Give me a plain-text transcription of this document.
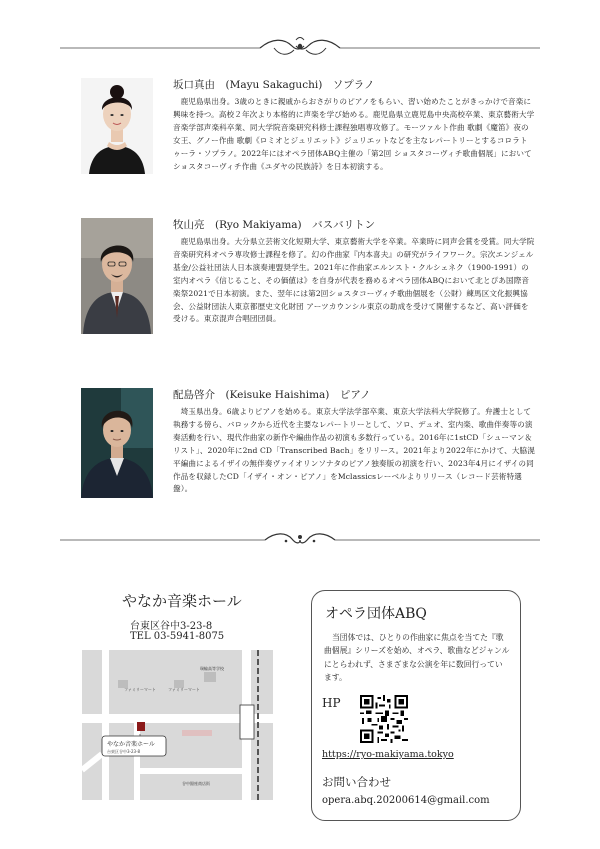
坂口真由　(Mayu Sakaguchi)　ソプラノ

鹿児島県出身。3歳のときに親戚からおさがりのピアノをもらい、習い始めたことがきっかけで音楽に興味を持つ。高校２年次より本格的に声楽を学び始める。鹿児島県立鹿児島中央高校卒業、東京藝術大学音楽学部声楽科卒業、同大学院音楽研究科修士課程独唱専攻修了。モーツァルト作曲 歌劇《魔笛》夜の女王、グノー作曲 歌劇《ロミオとジュリエット》ジュリエットなどを主なレパートリーとするコロラトゥーラ・ソプラノ。2022年にはオペラ団体ABQ主催の「第2回 ショスタコーヴィチ歌曲個展」においてショスタコーヴィチ作曲《ユダヤの民族詩》を日本初演する。

牧山亮　(Ryo Makiyama)　バスバリトン

鹿児島県出身。大分県立芸術文化短期大学、東京藝術大学を卒業。卒業時に同声会賞を受賞。同大学院音楽研究科オペラ専攻修士課程を修了。幻の作曲家『内本喜夫』の研究がライフワーク。宗次エンジェル基金/公益社団法人日本演奏連盟奨学生。2021年に作曲家エルンスト・クルシェネク（1900-1991）の室内オペラ《信じること、その価値は》を自身が代表を務めるオペラ団体ABQにおいて北とぴあ国際音楽祭2021で日本初演。また、翌年には第2回ショスタコーヴィチ歌曲個展を（公財）練馬区文化振興協会、公益財団法人東京都歴史文化財団 アーツカウンシル東京の助成を受けて開催するなど、高い評価を受ける。東京混声合唱団団員。

配島啓介　(Keisuke Haishima)　ピアノ

埼玉県出身。6歳よりピアノを始める。東京大学法学部卒業、東京大学法科大学院修了。弁護士として執務する傍ら、バロックから近代を主要なレパートリーとして、ソロ、デュオ、室内楽、歌曲伴奏等の演奏活動を行い、現代作曲家の新作や編曲作品の初演も多数行っている。2016年に1stCD「シューマン＆リスト」、2020年に2nd CD「Transcribed Bach」をリリース。2021年より2022年にかけて、大脇滉平編曲によるイザイの無伴奏ヴァイオリンソナタのピアノ独奏版の初演を行い、2023年4月にイザイの同作品を収録したCD「イザイ・オン・ピアノ」をMclassicsレーベルよりリリース（レコード芸術特選盤）。

やなか音楽ホール
台東区谷中3-23-8
TEL 03-5941-8075
ファミリーマート	ファミリーマート
瑞輪高等学校
谷中銀座商店街
やなか音楽ホール
台東区谷中3-23-8
オペラ団体ABQ

当団体では、ひとりの作曲家に焦点を当てた『歌曲個展』シリーズを始め、オペラ、歌曲などジャンルにとらわれず、さまざまな公演を年に数回行っています。

HP
https://ryo-makiyama.tokyo
お問い合わせ
opera.abq.20200614@gmail.com
